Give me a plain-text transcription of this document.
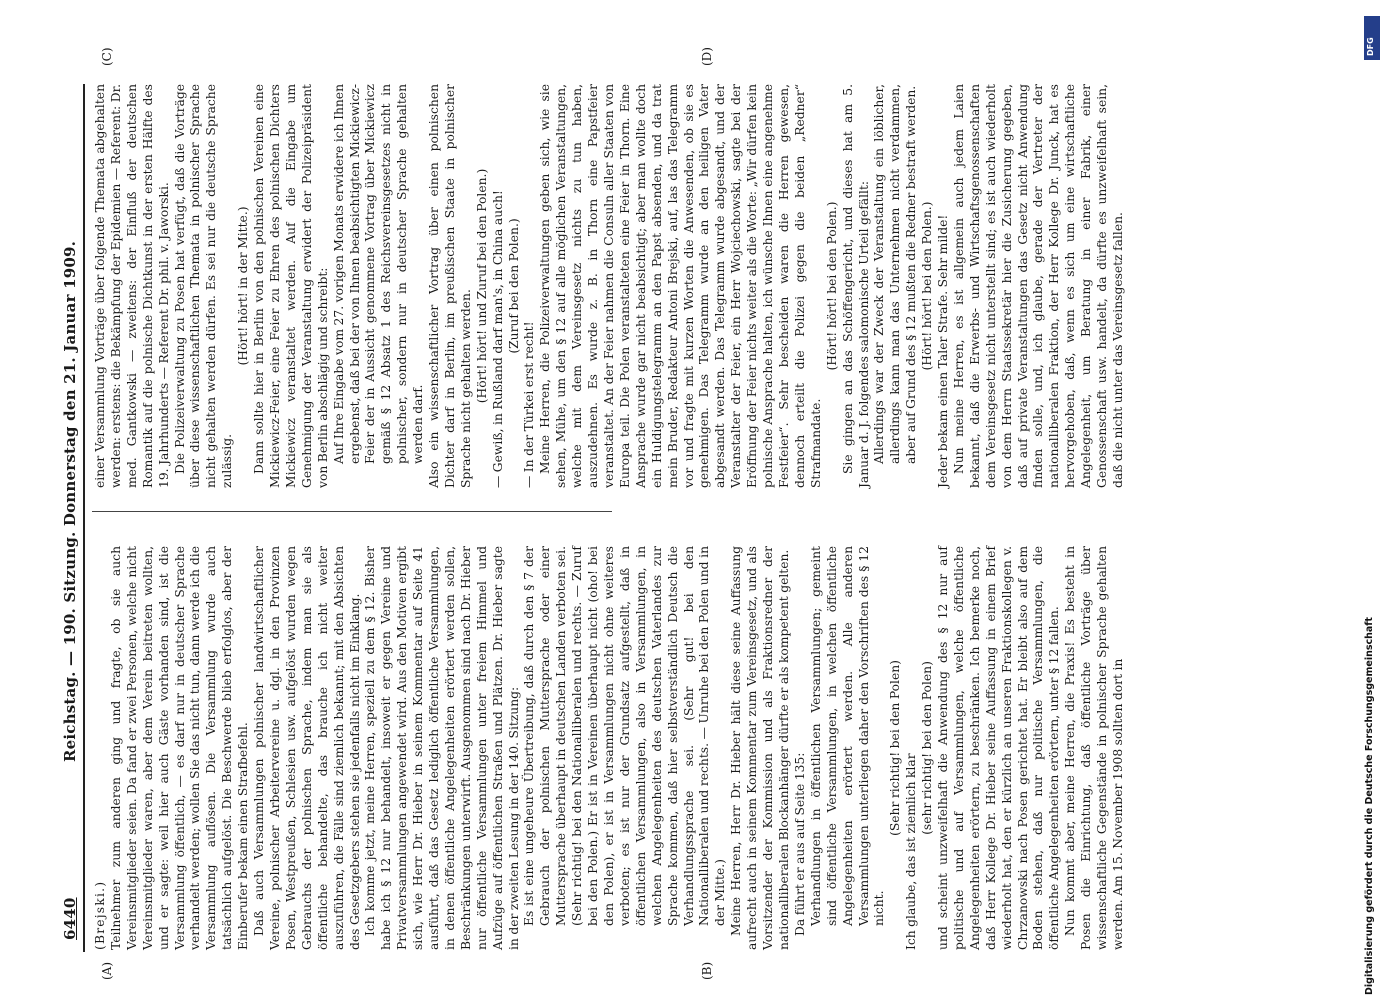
6440
Reichstag. — 190. Sitzung. Donnerstag den 21. Januar 1909.
(A)	(B)
(C)	(D)

(Brejski.) Teilnehmer zum anderen ging und fragte, ob sie auch Vereinsmitglieder seien. Da fand er zwei Personen, welche nicht Vereinsmitglieder waren, aber dem Verein beitreten wollten, und er sagte: weil hier auch Gäste vorhanden sind, ist die Versammlung öffentlich, — es darf nur in deutscher Sprache verhandelt werden; wollen Sie das nicht tun, dann werde ich die Versammlung auflösen. Die Versammlung wurde auch tatsächlich aufgelöst. Die Beschwerde blieb erfolglos, aber der Einberufer bekam einen Strafbefehl. Daß auch Versammlungen polnischer landwirtschaftlicher Vereine, polnischer Arbeitervereine u. dgl. in den Provinzen Posen, Westpreußen, Schlesien usw. aufgelöst wurden wegen Gebrauchs der polnischen Sprache, indem man sie als öffentliche behandelte, das brauche ich nicht weiter auszuführen, die Fälle sind ziemlich bekannt; mit den Absichten des Gesetzgebers stehen sie jedenfalls nicht im Einklang. Ich komme jetzt, meine Herren, speziell zu dem § 12. Bisher habe ich § 12 nur behandelt, insoweit er gegen Vereine und Privatversammlungen angewendet wird. Aus den Motiven ergibt sich, wie Herr Dr. Hieber in seinem Kommentar auf Seite 41 ausführt, daß das Gesetz lediglich öffentliche Versammlungen, in denen öffentliche Angelegenheiten erörtert werden sollen, Beschränkungen unterwirft. Ausgenommen sind nach Dr. Hieber nur öffentliche Versammlungen unter freiem Himmel und Aufzüge auf öffentlichen Straßen und Plätzen. Dr. Hieber sagte in der zweiten Lesung in der 140. Sitzung: Es ist eine ungeheure Übertreibung, daß durch den § 7 der Gebrauch der polnischen Muttersprache oder einer Muttersprache überhaupt in deutschen Landen verboten sei. (Sehr richtig! bei den Nationalliberalen und rechts. — Zuruf bei den Polen.) Er ist in Vereinen überhaupt nicht (oho! bei den Polen), er ist in Versammlungen nicht ohne weiteres verboten; es ist nur der Grundsatz aufgestellt, daß in öffentlichen Versammlungen, also in Versammlungen, in welchen Angelegenheiten des deutschen Vaterlandes zur Sprache kommen, daß hier selbstverständlich Deutsch die Verhandlungssprache sei. (Sehr gut! bei den Nationalliberalen und rechts. — Unruhe bei den Polen und in der Mitte.) Meine Herren, Herr Dr. Hieber hält diese seine Auffassung aufrecht auch in seinem Kommentar zum Vereinsgesetz, und als Vorsitzender der Kommission und als Fraktionsredner der nationalliberalen Blockanhänger dürfte er als kompetent gelten. Da führt er aus auf Seite 135: Verhandlungen in öffentlichen Versammlungen; gemeint sind öffentliche Versammlungen, in welchen öffentliche Angelegenheiten erörtert werden. Alle anderen Versammlungen unterliegen daher den Vorschriften des § 12 nicht.

(Sehr richtig! bei den Polen)

Ich glaube, das ist ziemlich klar

(sehr richtig! bei den Polen) und scheint unzweifelhaft die Anwendung des § 12 nur auf politische und auf Versammlungen, welche öffentliche Angelegenheiten erörtern, zu beschränken. Ich bemerke noch, daß Herr Kollege Dr. Hieber seine Auffassung in einem Brief wiederholt hat, den er kürzlich an unseren Fraktionskollegen v. Chrzanowski nach Posen gerichtet hat. Er bleibt also auf dem Boden stehen, daß nur politische Versammlungen, die öffentliche Angelegenheiten erörtern, unter § 12 fallen. Nun kommt aber, meine Herren, die Praxis! Es besteht in Posen die Einrichtung, daß öffentliche Vorträge über wissenschaftliche Gegenstände in polnischer Sprache gehalten werden. Am 15. November 1908 sollten dort in

einer Versammlung Vorträge über folgende Themata abgehalten werden: erstens: die Bekämpfung der Epidemien — Referent: Dr. med. Gantkowski — zweitens: der Einfluß der deutschen Romantik auf die polnische Dichtkunst in der ersten Hälfte des 19. Jahrhunderts — Referent Dr. phil. v. Jaworski. Die Polizeiverwaltung zu Posen hat verfügt, daß die Vorträge über diese wissenschaftlichen Themata in polnischer Sprache nicht gehalten werden dürfen. Es sei nur die deutsche Sprache zulässig.

(Hört! hört! in der Mitte.) Dann sollte hier in Berlin von den polnischen Vereinen eine Mickiewicz-Feier, eine Feier zu Ehren des polnischen Dichters Mickiewicz veranstaltet werden. Auf die Eingabe um Genehmigung der Veranstaltung erwidert der Polizeipräsident von Berlin abschlägig und schreibt: Auf Ihre Eingabe vom 27. vorigen Monats erwidere ich Ihnen ergebenst, daß bei der von Ihnen beabsichtigten Mickiewicz-Feier der in Aussicht genommene Vortrag über Mickiewicz gemäß § 12 Absatz 1 des Reichsvereinsgesetzes nicht in polnischer, sondern nur in deutscher Sprache gehalten werden darf. Also ein wissenschaftlicher Vortrag über einen polnischen Dichter darf in Berlin, im preußischen Staate in polnischer Sprache nicht gehalten werden. (Hört! hört! und Zuruf bei den Polen.) — Gewiß, in Rußland darf man's, in China auch! (Zuruf bei den Polen.)

— In der Türkei erst recht! Meine Herren, die Polizeiverwaltungen geben sich, wie sie sehen, Mühe, um den § 12 auf alle möglichen Veranstaltungen, welche mit dem Vereinsgesetz nichts zu tun haben, auszudehnen. Es wurde z. B. in Thorn eine Papstfeier veranstaltet. An der Feier nahmen die Consuln aller Staaten von Europa teil. Die Polen veranstalteten eine Feier in Thorn. Eine Ansprache wurde gar nicht beabsichtigt; aber man wollte doch ein Huldigungstelegramm an den Papst absenden, und da trat mein Bruder, Redakteur Antoni Brejski, auf, las das Telegramm vor und fragte mit kurzen Worten die Anwesenden, ob sie es genehmigen. Das Telegramm wurde an den heiligen Vater abgesandt werden. Das Telegramm wurde abgesandt, und der Veranstalter der Feier, ein Herr Wojciechowski, sagte bei der Eröffnung der Feier nichts weiter als die Worte: „Wir dürfen kein polnische Ansprache halten, ich wünsche Ihnen eine angenehme Festfeier“. Sehr bescheiden waren die Herren gewesen, dennoch erteilt die Polizei gegen die beiden „Redner“ Strafmandate.

(Hört! hört! bei den Polen.) Sie gingen an das Schöffengericht, und dieses hat am 5. Januar d. J. folgendes salomonische Urteil gefällt: Allerdings war der Zweck der Veranstaltung ein löblicher, allerdings kann man das Unternehmen nicht verdammen, aber auf Grund des § 12 mußten die Redner bestraft werden. (Hört! hört! bei den Polen.) Jeder bekam einen Taler Strafe. Sehr milde! Nun meine Herren, es ist allgemein auch jedem Laien bekannt, daß die Erwerbs- und Wirtschaftsgenossenschaften dem Vereinsgesetz nicht unterstellt sind; es ist auch wiederholt von dem Herrn Staatssekretär hier die Zusicherung gegeben, daß auf private Veranstaltungen das Gesetz nicht Anwendung finden solle, und, ich glaube, gerade der Vertreter der nationalliberalen Fraktion, der Herr Kollege Dr. Junck, hat es hervorgehoben, daß, wenn es sich um eine wirtschaftliche Angelegenheit, um Beratung in einer Fabrik, einer Genossenschaft usw. handelt, da dürfte es unzweifelhaft sein, daß die nicht unter das Vereinsgesetz fallen.

DFG
Digitalisierung gefördert durch die Deutsche Forschungsgemeinschaft
